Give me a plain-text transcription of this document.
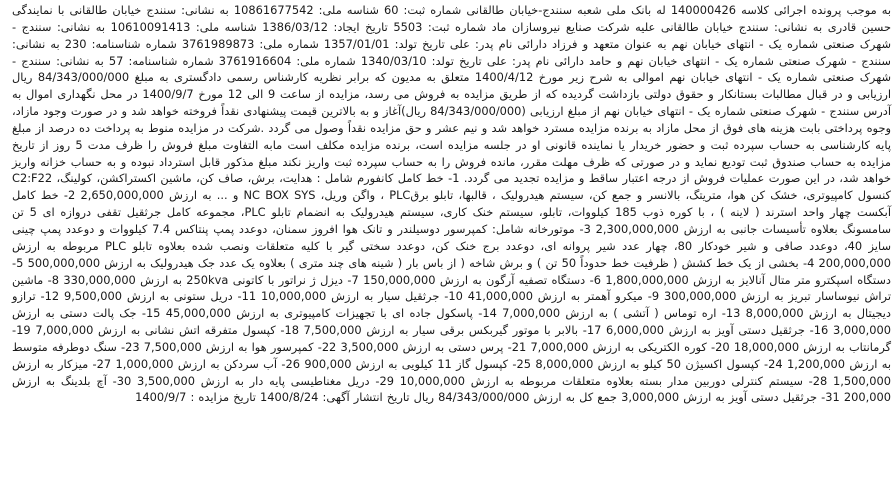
به موجب پرونده اجرائی کلاسه 140000426 له بانک ملی شعبه سنندج-خیابان طالقانی شماره ثبت: 60 شناسه ملی: 10861677542 به نشانی: سنندج خیابان طالقانی با نمایندگی حسین قادری به نشانی: سنندج خیابان طالقانی علیه شرکت صنایع نیروسازان ماد شماره ثبت: 5503 تاریخ ایجاد: 1386/03/12 شناسه ملی: 10610091413 به نشانی: سنندج - شهرک صنعتی شماره یک - انتهای خیابان نهم به عنوان متعهد و فرزاد دارائی نام پدر: علی تاریخ تولد: 1357/01/01 شماره ملی: 3761989873 شماره شناسنامه: 230 به نشانی: سنندج - شهرک صنعتی شماره یک - انتهای خیابان نهم و حامد دارائی نام پدر: علی تاریخ تولد: 1340/03/10 شماره ملی: 3761916604 شماره شناسنامه: 57 به نشانی: سنندج - شهرک صنعتی شماره یک - انتهای خیابان نهم اموالی به شرح زیر مورخ 1400/4/12 متعلق به مدیون که برابر نظریه کارشناس رسمی دادگستری به مبلغ 84/343/000/000 ریال ارزیابی و در قبال مطالبات بستانکار و حقوق دولتی بازداشت گردیده که از طریق مزایده به فروش می رسد، مزایده از ساعت 9 الی 12 مورخ 1400/9/7 در محل نگهداری اموال به آدرس سنندج - شهرک صنعتی شماره یک - انتهای خیابان نهم از مبلغ ارزیابی (84/343/000/000 ریال)آغاز و به بالاترین قیمت پیشنهادی نقداً فروخته خواهد شد و در صورت وجود مازاد، وجوه پرداختی بابت هزینه های فوق از محل مازاد به برنده مزایده مسترد خواهد شد و نیم عشر و حق مزایده نقداً وصول می گردد .شرکت در مزایده منوط به پرداخت ده درصد از مبلغ پایه کارشناسی به حساب سپرده ثبت و حضور خریدار یا نماینده قانونی او در جلسه مزایده است، برنده مزایده مکلف است مابه التفاوت مبلغ فروش را ظرف مدت 5 روز از تاریخ مزایده به حساب صندوق ثبت تودیع نماید و در صورتی که ظرف مهلت مقرر، مانده فروش را به حساب سپرده ثبت واریز نکند مبلغ مذکور قابل استرداد نبوده و به حساب خزانه واریز خواهد شد، در این صورت عملیات فروش از درجه اعتبار ساقط و مزایده تجدید می گردد. 1- خط کامل کانفورم شامل : هدایت، برش، صاف کن، ماشین اکستراکشن، کولینگ، C2:F22 کنسول کامپیوتری، خشک کن هوا، متریتگ، بالانسر و جمع کن، سیستم هیدرولیک ، قالبها، تابلو برقPLC ، واگن وریل، NC BOX SYS و ... به ارزش 2,650,000,000 2- خط کامل آبکست چهار واحد استرند ( لاینه ) ، با کوره ذوب 185 کیلووات، تابلو، سیستم خنک کاری، سیستم هیدرولیک به انضمام تابلو PLC، مجموعه کامل جرثقیل تقفی دروازه ای 5 تن سامسونگ بعلاوه تأسیسات جانبی به ارزش 2,300,000,000 3- موتورخانه شامل: کمپرسور دوسیلندر و تانک هوا افروز سمنان، دوعدد پمپ پنتاکس 7.4 کیلووات و دوعدد پمپ چینی سایز 40، دوعدد صافی و شیر خودکار 80، چهار عدد شیر پروانه ای، دوعدد برج خنک کن، دوعدد سختی گیر با کلیه متعلقات ونصب شده بعلاوه تابلو PLC مربوطه به ارزش 200,000,000 4- بخشی از یک خط کشش ( ظرفیت خط حدوداً 50 تن ) و برش شاخه ( از باس بار ( شینه های چند متری ) بعلاوه یک عدد جک هیدرولیک به ارزش 500,000,000 5- دستگاه اسپکترو متر متال آنالایز به ارزش 1,800,000,000 6- دستگاه تصفیه آرگون به ارزش 150,000,000 7- دیزل ژ نراتور با کاتونی 250kva به ارزش 330,000,000 8- ماشین تراش نیوساسار تبریز به ارزش 300,000,000 9- میکرو آهمتر به ارزش 41,000,000 10- جرثقیل سیار به ارزش 10,000,000 11- دریل ستونی به ارزش 9,500,000 12- ترازو دیجیتال به ارزش 8,000,000 13- اره توماس ( آتشی ) به ارزش 7,000,000 14- پاسکول جاده ای با تجهیزات کامپیوتری به ارزش 45,000,000 15- جک پالت دستی به ارزش 3,000,000 16- جرثقیل دستی آویز به ارزش 6,000,000 17- بالابر با موتور گیربکس برقی سیار به ارزش 7,500,000 18- کپسول متفرقه اتش نشانی به ارزش 7,000,000 19- گرمانتاب به ارزش 18,000,000 20- کوره الکتریکی به ارزش 7,000,000 21- پرس دستی به ارزش 3,500,000 22- کمپرسور هوا به ارزش 7,500,000 23- سنگ دوطرفه متوسط به ارزش 1,200,000 24- کپسول اکسیژن 50 کیلو به ارزش 8,000,000 25- کپسول گاز 11 کیلویی به ارزش 900,000 26- آب سردکن به ارزش 1,000,000 27- میزکار به ارزش 1,500,000 28- سیستم کنترلی دوربین مدار بسته بعلاوه متعلقات مربوطه به ارزش 10,000,000 29- دریل مغناطیسی پایه دار به ارزش 3,500,000 30- آچ بلدینگ به ارزش 200,000 31- جرثقیل دستی آویز به ارزش 3,000,000 جمع کل به ارزش 84/343/000/000 ریال تاریخ انتشار آگهی: 1400/8/24 تاریخ مزایده : 1400/9/7
